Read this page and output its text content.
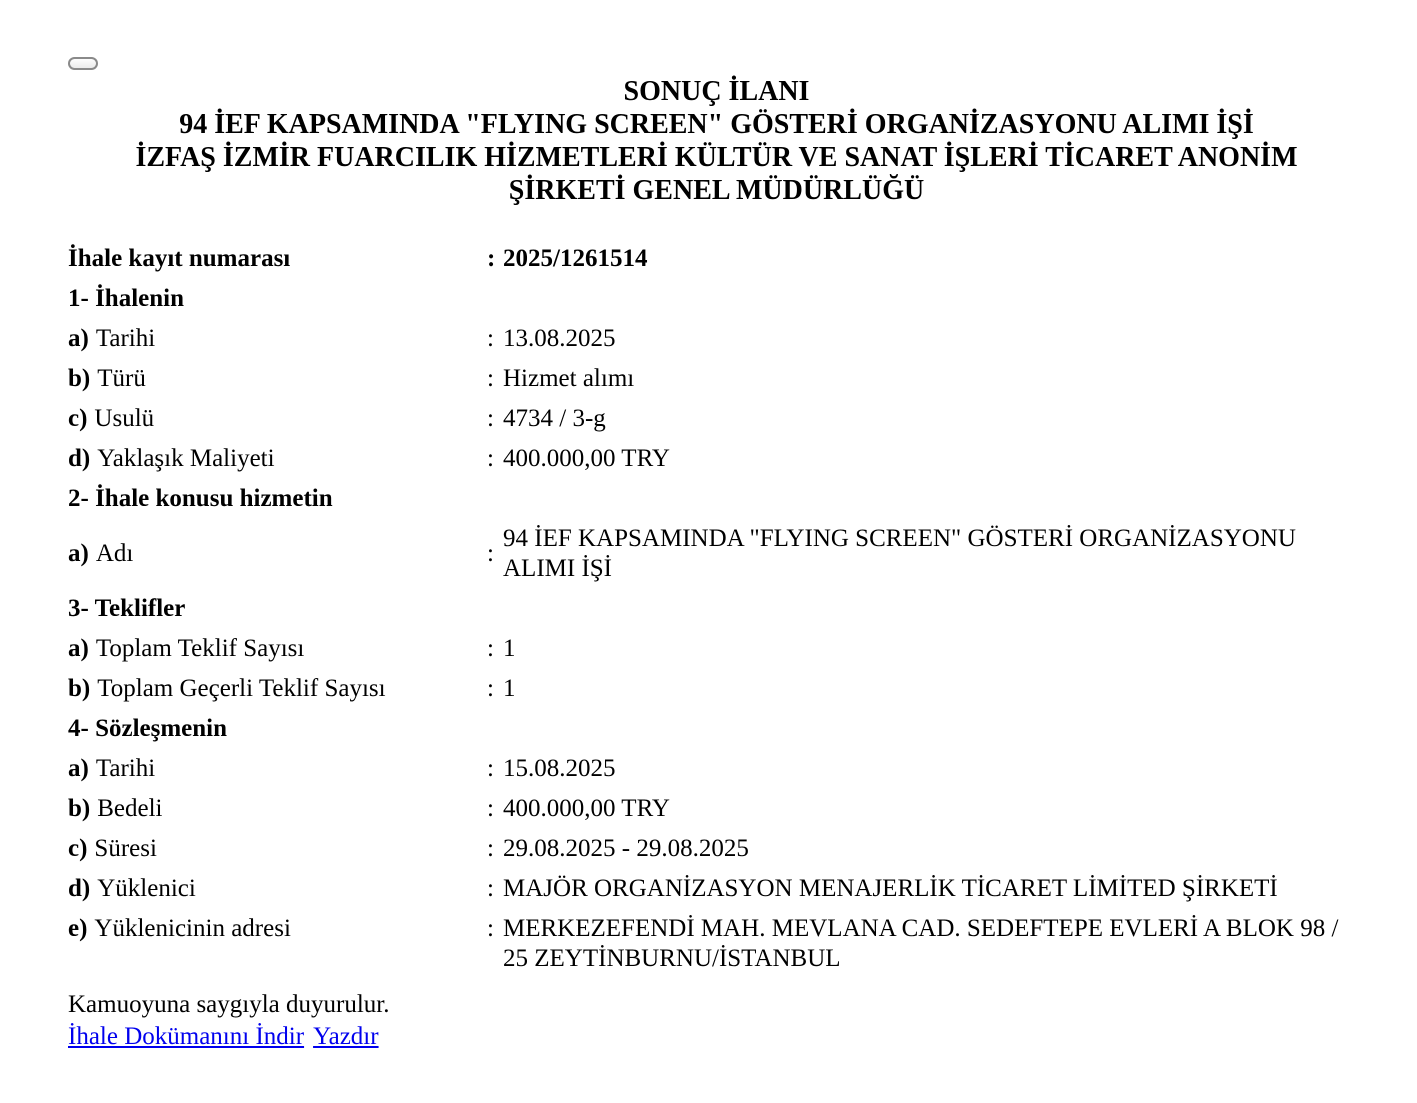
SONUÇ İLANI
94 İEF KAPSAMINDA "FLYING SCREEN" GÖSTERİ ORGANİZASYONU ALIMI İŞİ
İZFAŞ İZMİR FUARCILIK HİZMETLERİ KÜLTÜR VE SANAT İŞLERİ TİCARET ANONİM
ŞİRKETİ GENEL MÜDÜRLÜĞÜ
İhale kayıt numarası	:	2025/1261514
1- İhalenin		
a) Tarihi	:	13.08.2025
b) Türü	:	Hizmet alımı
c) Usulü	:	4734 / 3-g
d) Yaklaşık Maliyeti	:	400.000,00 TRY
2- İhale konusu hizmetin		
a) Adı	:	94 İEF KAPSAMINDA "FLYING SCREEN" GÖSTERİ ORGANİZASYONU ALIMI İŞİ
3- Teklifler		
a) Toplam Teklif Sayısı	:	1
b) Toplam Geçerli Teklif Sayısı	:	1
4- Sözleşmenin		
a) Tarihi	:	15.08.2025
b) Bedeli	:	400.000,00 TRY
c) Süresi	:	29.08.2025 - 29.08.2025
d) Yüklenici	:	MAJÖR ORGANİZASYON MENAJERLİK TİCARET LİMİTED ŞİRKETİ
e) Yüklenicinin adresi	:	MERKEZEFENDİ MAH. MEVLANA CAD. SEDEFTEPE EVLERİ A BLOK 98 / 25 ZEYTİNBURNU/İSTANBUL
Kamuoyuna saygıyla duyurulur.
İhale Dokümanını İndir Yazdır
